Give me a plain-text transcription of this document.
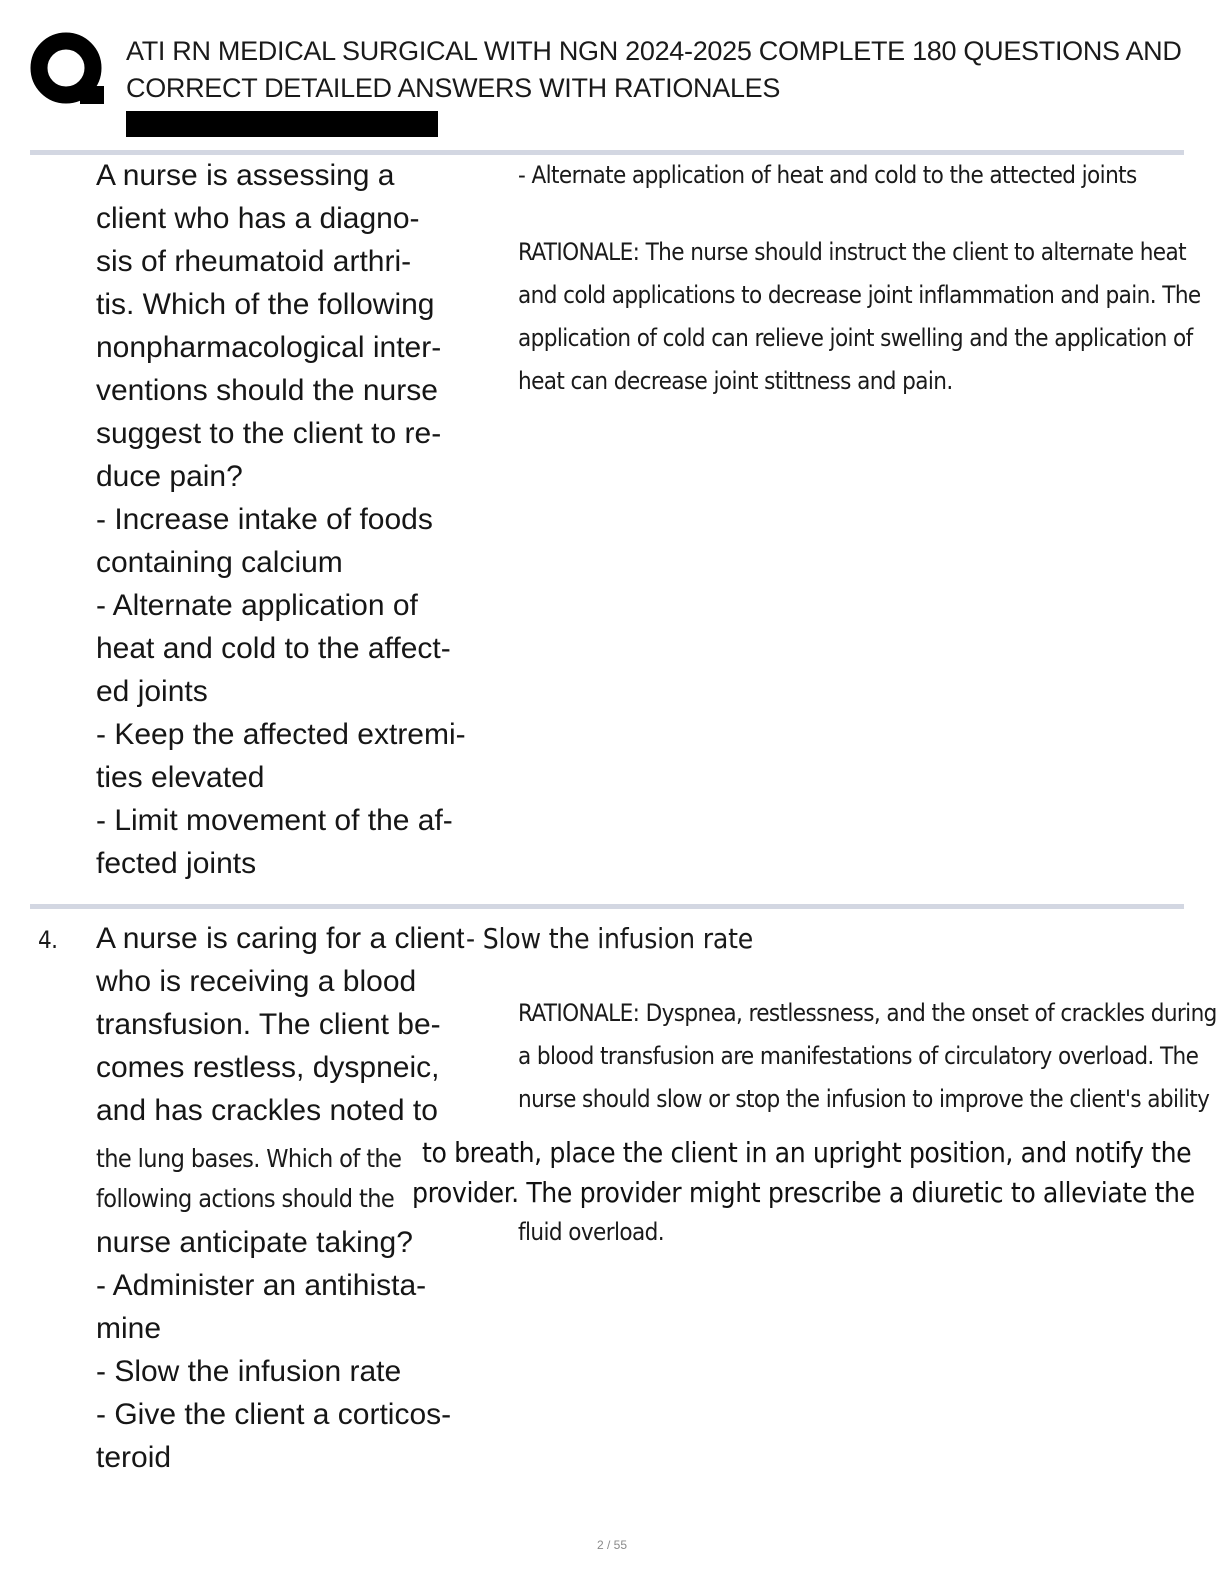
ATI RN MEDICAL SURGICAL WITH NGN 2024-2025 COMPLETE 180 QUESTIONS AND
CORRECT DETAILED ANSWERS WITH RATIONALES
A nurse is assessing a
client who has a diagno-
sis of rheumatoid arthri-
tis. Which of the following
nonpharmacological inter-
ventions should the nurse
suggest to the client to re-
duce pain?
- Increase intake of foods
containing calcium
- Alternate application of
heat and cold to the affect-
ed joints
- Keep the affected extremi-
ties elevated
- Limit movement of the af-
fected joints
- Alternate application of heat and cold to the attected joints
RATIONALE: The nurse should instruct the client to alternate heat
and cold applications to decrease joint inflammation and pain. The
application of cold can relieve joint swelling and the application of
heat can decrease joint stittness and pain.
4. A nurse is caring for a client
who is receiving a blood
transfusion. The client be-
comes restless, dyspneic,
and has crackles noted to
- Slow the infusion rate
RATIONALE: Dyspnea, restlessness, and the onset of crackles during
a blood transfusion are manifestations of circulatory overload. The
nurse should slow or stop the infusion to improve the client's ability
the lung bases. Which of the to breath, place the client in an upright position, and notify the
following actions should the provider. The provider might prescribe a diuretic to alleviate the
fluid overload.
nurse anticipate taking?
- Administer an antihista-
mine
- Slow the infusion rate
- Give the client a corticos-
teroid
2 / 55
